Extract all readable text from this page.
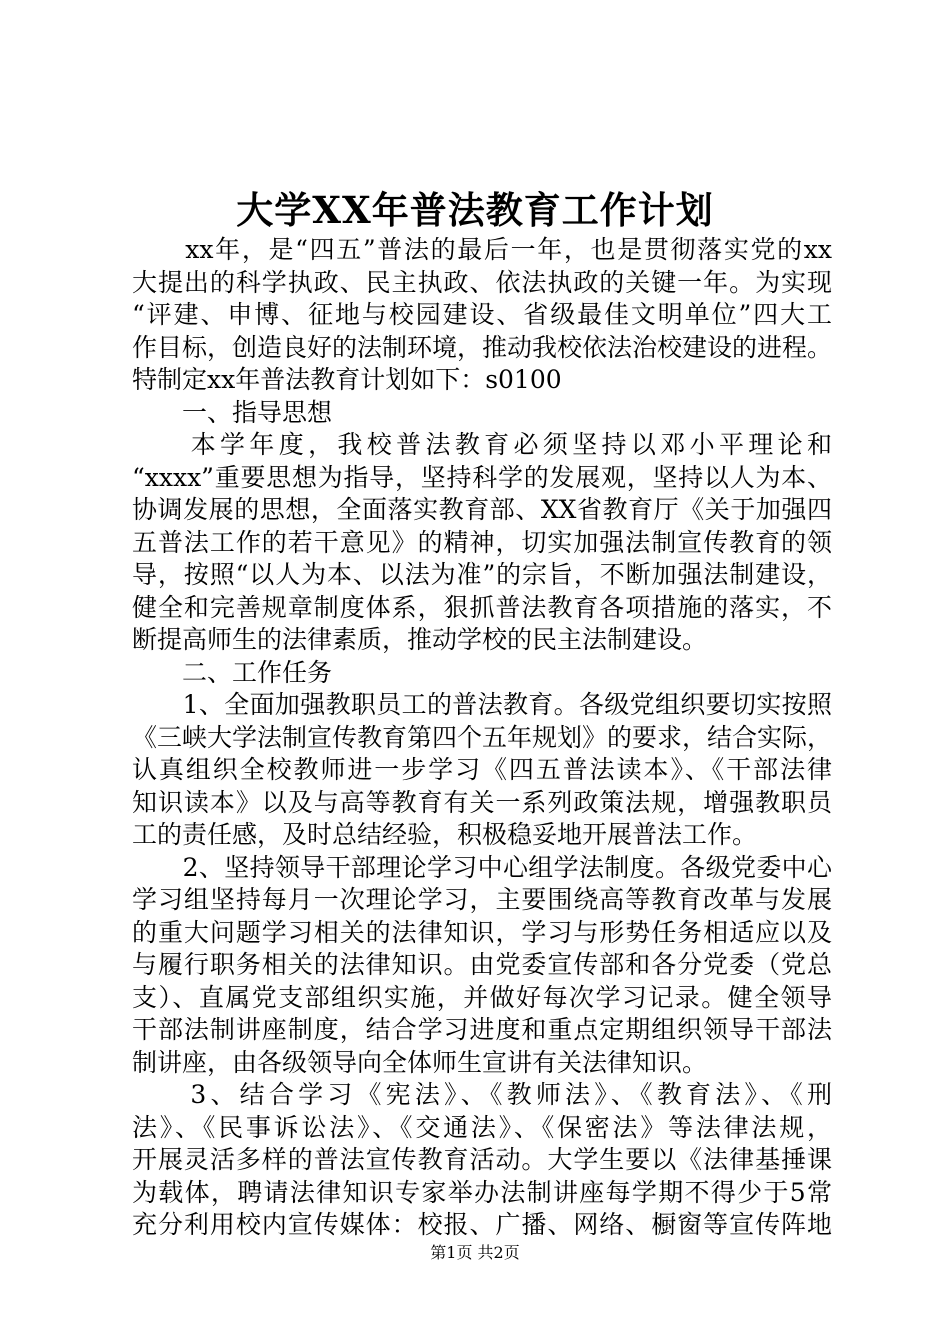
大学XX年普法教育工作计划
　　xx年，是“四五”普法的最后一年，也是贯彻落实党的xx
大提出的科学执政、民主执政、依法执政的关键一年。为实现
“评建、申博、征地与校园建设、省级最佳文明单位”四大工
作目标，创造良好的法制环境，推动我校依法治校建设的进程。
特制定xx年普法教育计划如下：s0100
　　一、指导思想
　　本学年度，我校普法教育必须坚持以邓小平理论和
“xxxx”重要思想为指导，坚持科学的发展观，坚持以人为本、
协调发展的思想，全面落实教育部、XX省教育厅《关于加强四
五普法工作的若干意见》的精神，切实加强法制宣传教育的领
导，按照“以人为本、以法为准”的宗旨，不断加强法制建设，
健全和完善规章制度体系，狠抓普法教育各项措施的落实，不
断提高师生的法律素质，推动学校的民主法制建设。
　　二、工作任务
　　1、全面加强教职员工的普法教育。各级党组织要切实按照
《三峡大学法制宣传教育第四个五年规划》的要求，结合实际，
认真组织全校教师进一步学习《四五普法读本》、《干部法律
知识读本》以及与高等教育有关一系列政策法规，增强教职员
工的责任感，及时总结经验，积极稳妥地开展普法工作。
　　2、坚持领导干部理论学习中心组学法制度。各级党委中心
学习组坚持每月一次理论学习，主要围绕高等教育改革与发展
的重大问题学习相关的法律知识，学习与形势任务相适应以及
与履行职务相关的法律知识。由党委宣传部和各分党委（党总
支）、直属党支部组织实施，并做好每次学习记录。健全领导
干部法制讲座制度，结合学习进度和重点定期组织领导干部法
制讲座，由各级领导向全体师生宣讲有关法律知识。
　　3、结合学习《宪法》、《教师法》、《教育法》、《刑
法》、《民事诉讼法》、《交通法》、《保密法》等法律法规，
开展灵活多样的普法宣传教育活动。大学生要以《法律基捶课
为载体，聘请法律知识专家举办法制讲座每学期不得少于5常
充分利用校内宣传媒体：校报、广播、网络、橱窗等宣传阵地
第1页 共2页
